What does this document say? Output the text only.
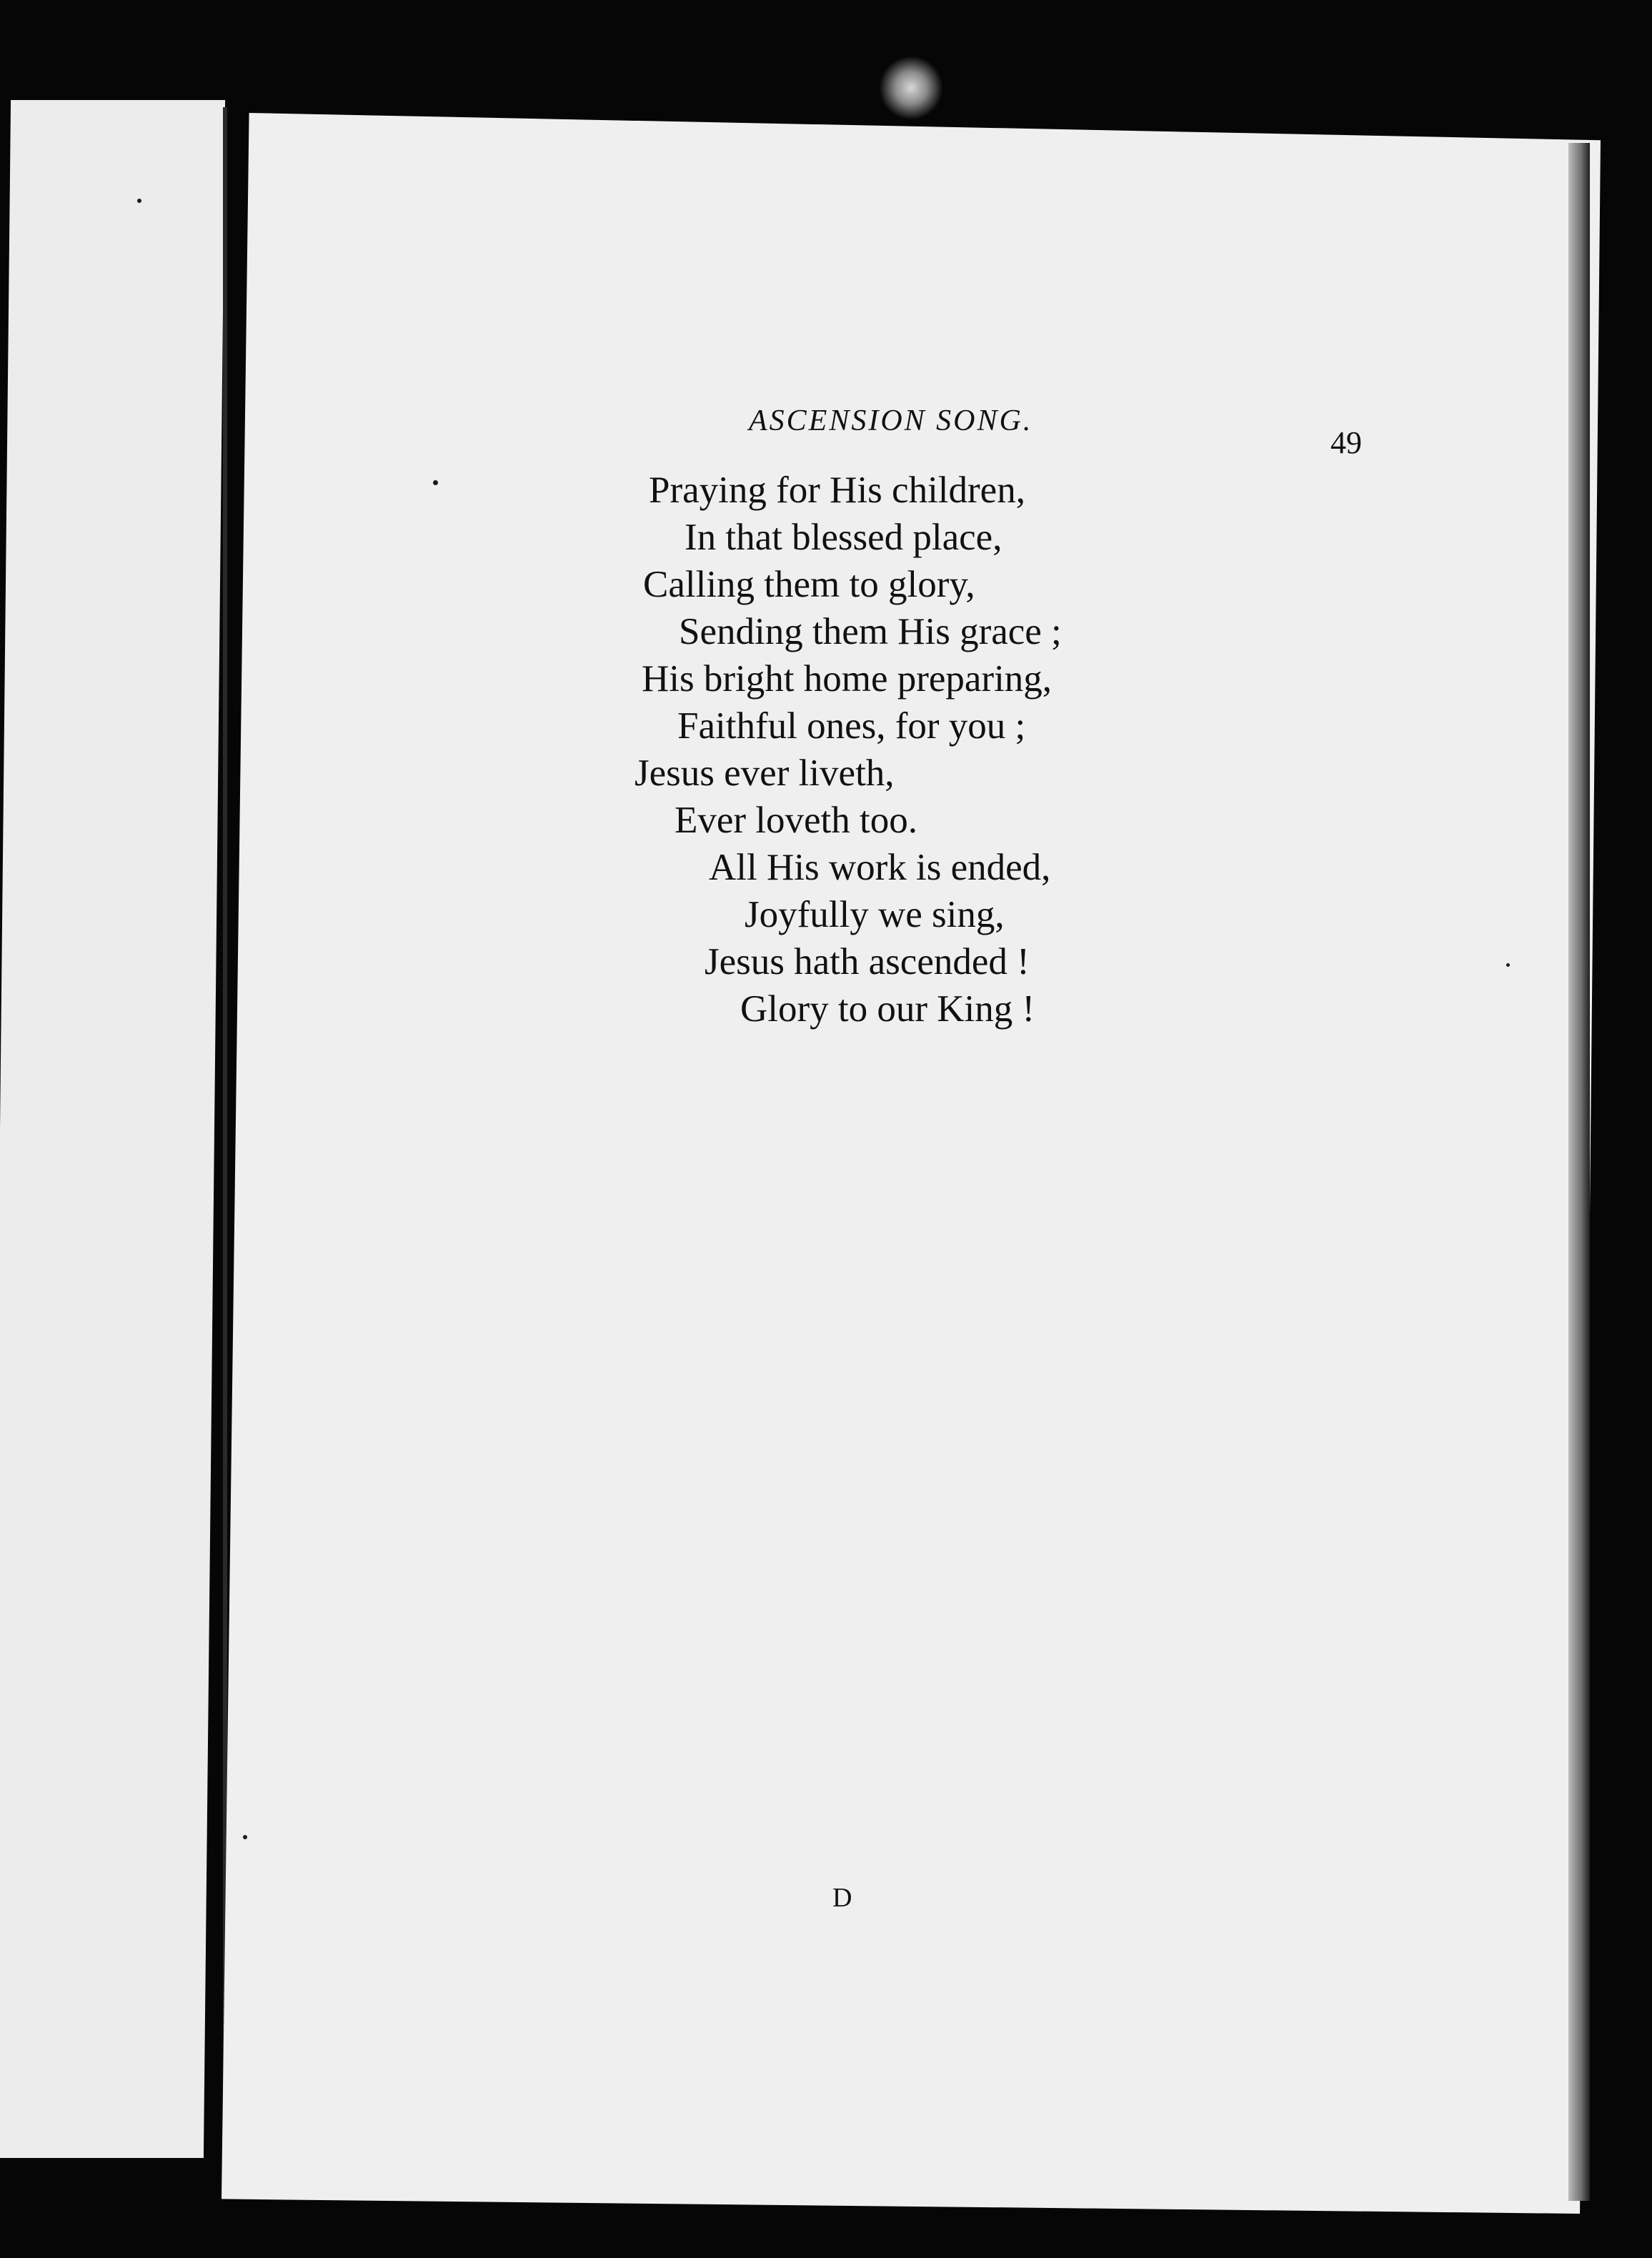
ASCENSION SONG.
49
Praying for His children,
In that blessed place,
Calling them to glory,
Sending them His grace ;
His bright home preparing,
Faithful ones, for you ;
Jesus ever liveth,
Ever loveth too.
All His work is ended,
Joyfully we sing,
Jesus hath ascended !
Glory to our King !
D
